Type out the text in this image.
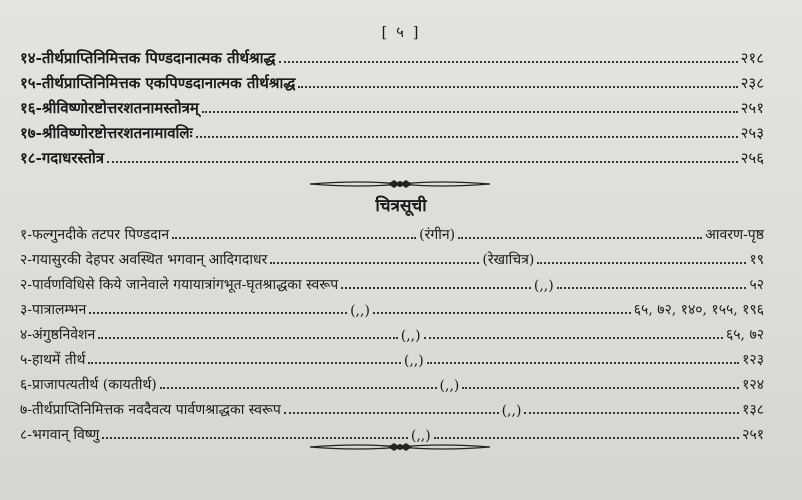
[ ५ ]
१४-तीर्थप्राप्तिनिमित्तक पिण्डदानात्मक तीर्थश्राद्ध	२१८
१५-तीर्थप्राप्तिनिमित्तक एकपिण्डदानात्मक तीर्थश्राद्ध	२३८
१६-श्रीविष्णोरष्टोत्तरशतनामस्तोत्रम्	२५१
१७-श्रीविष्णोरष्टोत्तरशतनामावलिः	२५३
१८-गदाधरस्तोत्र	२५६
चित्रसूची
१-फल्गुनदीके तटपर पिण्डदान	(रंगीन)	आवरण-पृष्ठ
२-गयासुरकी देहपर अवस्थित भगवान् आदिगदाधर	(रेखाचित्र)	१९
२-पार्वणविधिसे किये जानेवाले गयायात्रांगभूत-घृतश्राद्धका स्वरूप	(,,)	५२
३-पात्रालम्भन	(,,)	६५, ७२, १४०, १५५, १९६
४-अंगुष्ठनिवेशन	(,,)	६५, ७२
५-हाथमें तीर्थ	(,,)	१२३
६-प्राजापत्यतीर्थ (कायतीर्थ)	(,,)	१२४
७-तीर्थप्राप्तिनिमित्तक नवदैवत्य पार्वणश्राद्धका स्वरूप	(,,)	१३८
८-भगवान् विष्णु	(,,)	२५१
